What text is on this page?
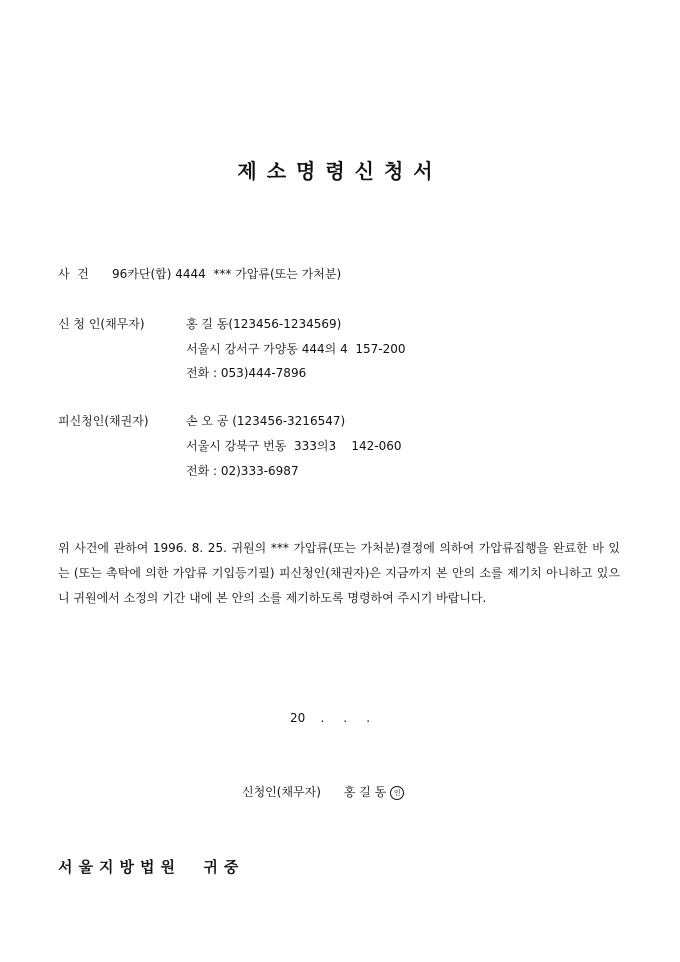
제소명령신청서
사  건 96카단(합) 4444  *** 가압류(또는 가처분)
신 청 인(채무자)	홍 길 동(123456-1234569)
서울시 강서구 가양동 444의 4  157-200
전화 : 053)444-7896
피신청인(채권자)	손 오 공 (123456-3216547)
서울시 강북구 번동  333의3    142-060
전화 : 02)333-6987
위 사건에 관하여 1996. 8. 25. 귀원의 *** 가압류(또는 가처분)결정에 의하여 가압류집행을 완료한 바 있는 (또는 촉탁에 의한 가압류 기입등기필) 피신청인(채권자)은 지금까지 본 안의 소를 제기치 아니하고 있으니 귀원에서 소정의 기간 내에 본 안의 소를 제기하도록 명령하여 주시기 바랍니다.
20    .     .     .
신청인(채무자) 홍 길 동 인
서울지방법원  귀중
